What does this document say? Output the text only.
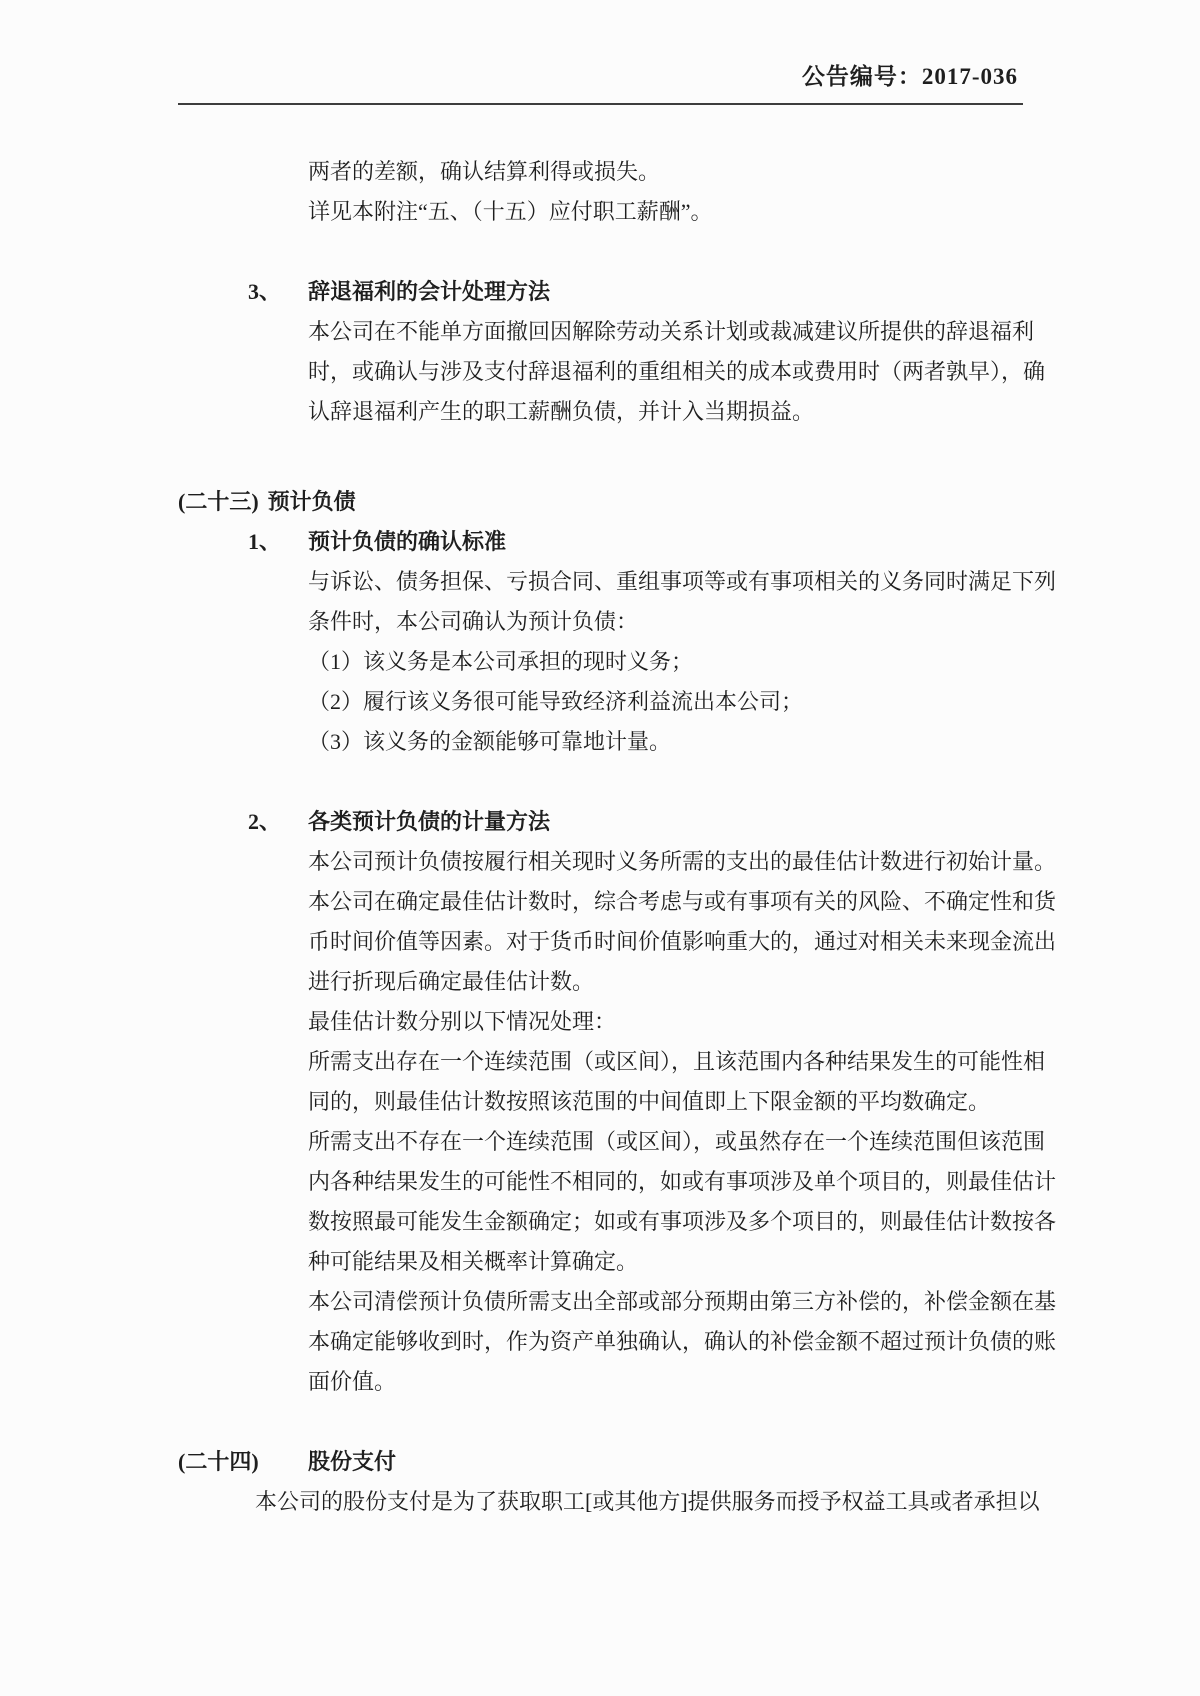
公告编号：2017-036
两者的差额，确认结算利得或损失。
详见本附注“五、（十五）应付职工薪酬”。
3、 辞退福利的会计处理方法
本公司在不能单方面撤回因解除劳动关系计划或裁减建议所提供的辞退福利
时，或确认与涉及支付辞退福利的重组相关的成本或费用时（两者孰早），确
认辞退福利产生的职工薪酬负债，并计入当期损益。
(二十三) 预计负债
1、 预计负债的确认标准
与诉讼、债务担保、亏损合同、重组事项等或有事项相关的义务同时满足下列
条件时，本公司确认为预计负债：
（1）该义务是本公司承担的现时义务；
（2）履行该义务很可能导致经济利益流出本公司；
（3）该义务的金额能够可靠地计量。
2、 各类预计负债的计量方法
本公司预计负债按履行相关现时义务所需的支出的最佳估计数进行初始计量。
本公司在确定最佳估计数时，综合考虑与或有事项有关的风险、不确定性和货
币时间价值等因素。对于货币时间价值影响重大的，通过对相关未来现金流出
进行折现后确定最佳估计数。
最佳估计数分别以下情况处理：
所需支出存在一个连续范围（或区间），且该范围内各种结果发生的可能性相
同的，则最佳估计数按照该范围的中间值即上下限金额的平均数确定。
所需支出不存在一个连续范围（或区间），或虽然存在一个连续范围但该范围
内各种结果发生的可能性不相同的，如或有事项涉及单个项目的，则最佳估计
数按照最可能发生金额确定；如或有事项涉及多个项目的，则最佳估计数按各
种可能结果及相关概率计算确定。
本公司清偿预计负债所需支出全部或部分预期由第三方补偿的，补偿金额在基
本确定能够收到时，作为资产单独确认，确认的补偿金额不超过预计负债的账
面价值。
(二十四) 股份支付
本公司的股份支付是为了获取职工[或其他方]提供服务而授予权益工具或者承担以
